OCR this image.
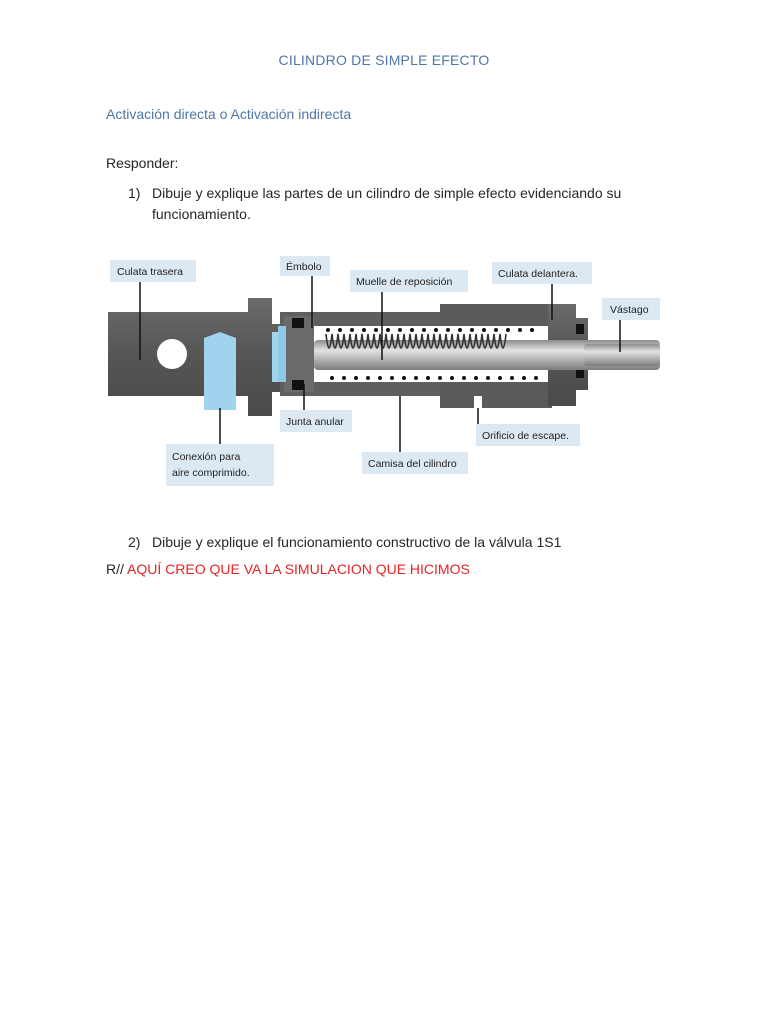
CILINDRO DE SIMPLE EFECTO
Activación directa o Activación indirecta
Responder:
1) Dibuje y explique las partes de un cilindro de simple efecto evidenciando su funcionamiento.
Culata trasera	Émbolo
Muelle de reposición
Culata delantera.
Vástago
Junta anular
Orificio de escape.
Conexión para
aire comprimido.
Camisa del cilindro
2) Dibuje y explique el funcionamiento constructivo de la válvula 1S1
R// AQUÍ CREO QUE VA LA SIMULACION QUE HICIMOS
